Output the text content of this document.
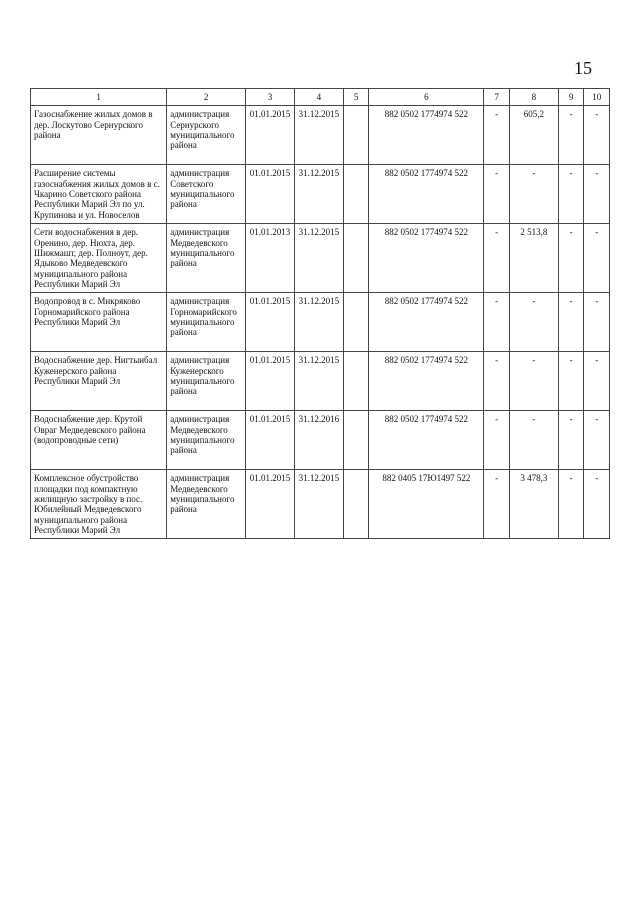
15
1	2	3	4	5	6	7	8	9	10
Газоснабжение жилых домов в дер. Лоскутово Сернурского района	администрация Сернурского муниципального района	01.01.2015	31.12.2015		882 0502 1774974 522	-	605,2	-	-
Расширение системы газоснабжения жилых домов в с. Чкарино Советского района Республики Марий Эл по ул. Крупинова и ул. Новоселов	администрация Советского муниципального района	01.01.2015	31.12.2015		882 0502 1774974 522	-	-	-	-
Сети водоснабжения в дер. Оренино, дер. Нюхта, дер. Шижмашт, дер. Полноут, дер. Ядыково Медведевского муниципального района Республики Марий Эл	администрация Медведевского муниципального района	01.01.2013	31.12.2015		882 0502 1774974 522	-	2 513,8	-	-
Водопровод в с. Микряково Горномарийского района Республики Марий Эл	администрация Горномарийского муниципального района	01.01.2015	31.12.2015		882 0502 1774974 522	-	-	-	-
Водоснабжение дер. Нигтыибал Куженерского района Республики Марий Эл	администрация Куженерского муниципального района	01.01.2015	31.12.2015		882 0502 1774974 522	-	-	-	-
Водоснабжение дер. Крутой Овраг Медведевского района (водопроводные сети)	администрация Медведевского муниципального района	01.01.2015	31.12.2016		882 0502 1774974 522	-	-	-	-
Комплексное обустройство площадки под компактную жилищную застройку в пос. Юбилейный Медведевского муниципального района Республики Марий Эл	администрация Медведевского муниципального района	01.01.2015	31.12.2015		882 0405 17Ю1497 522	-	3 478,3	-	-
